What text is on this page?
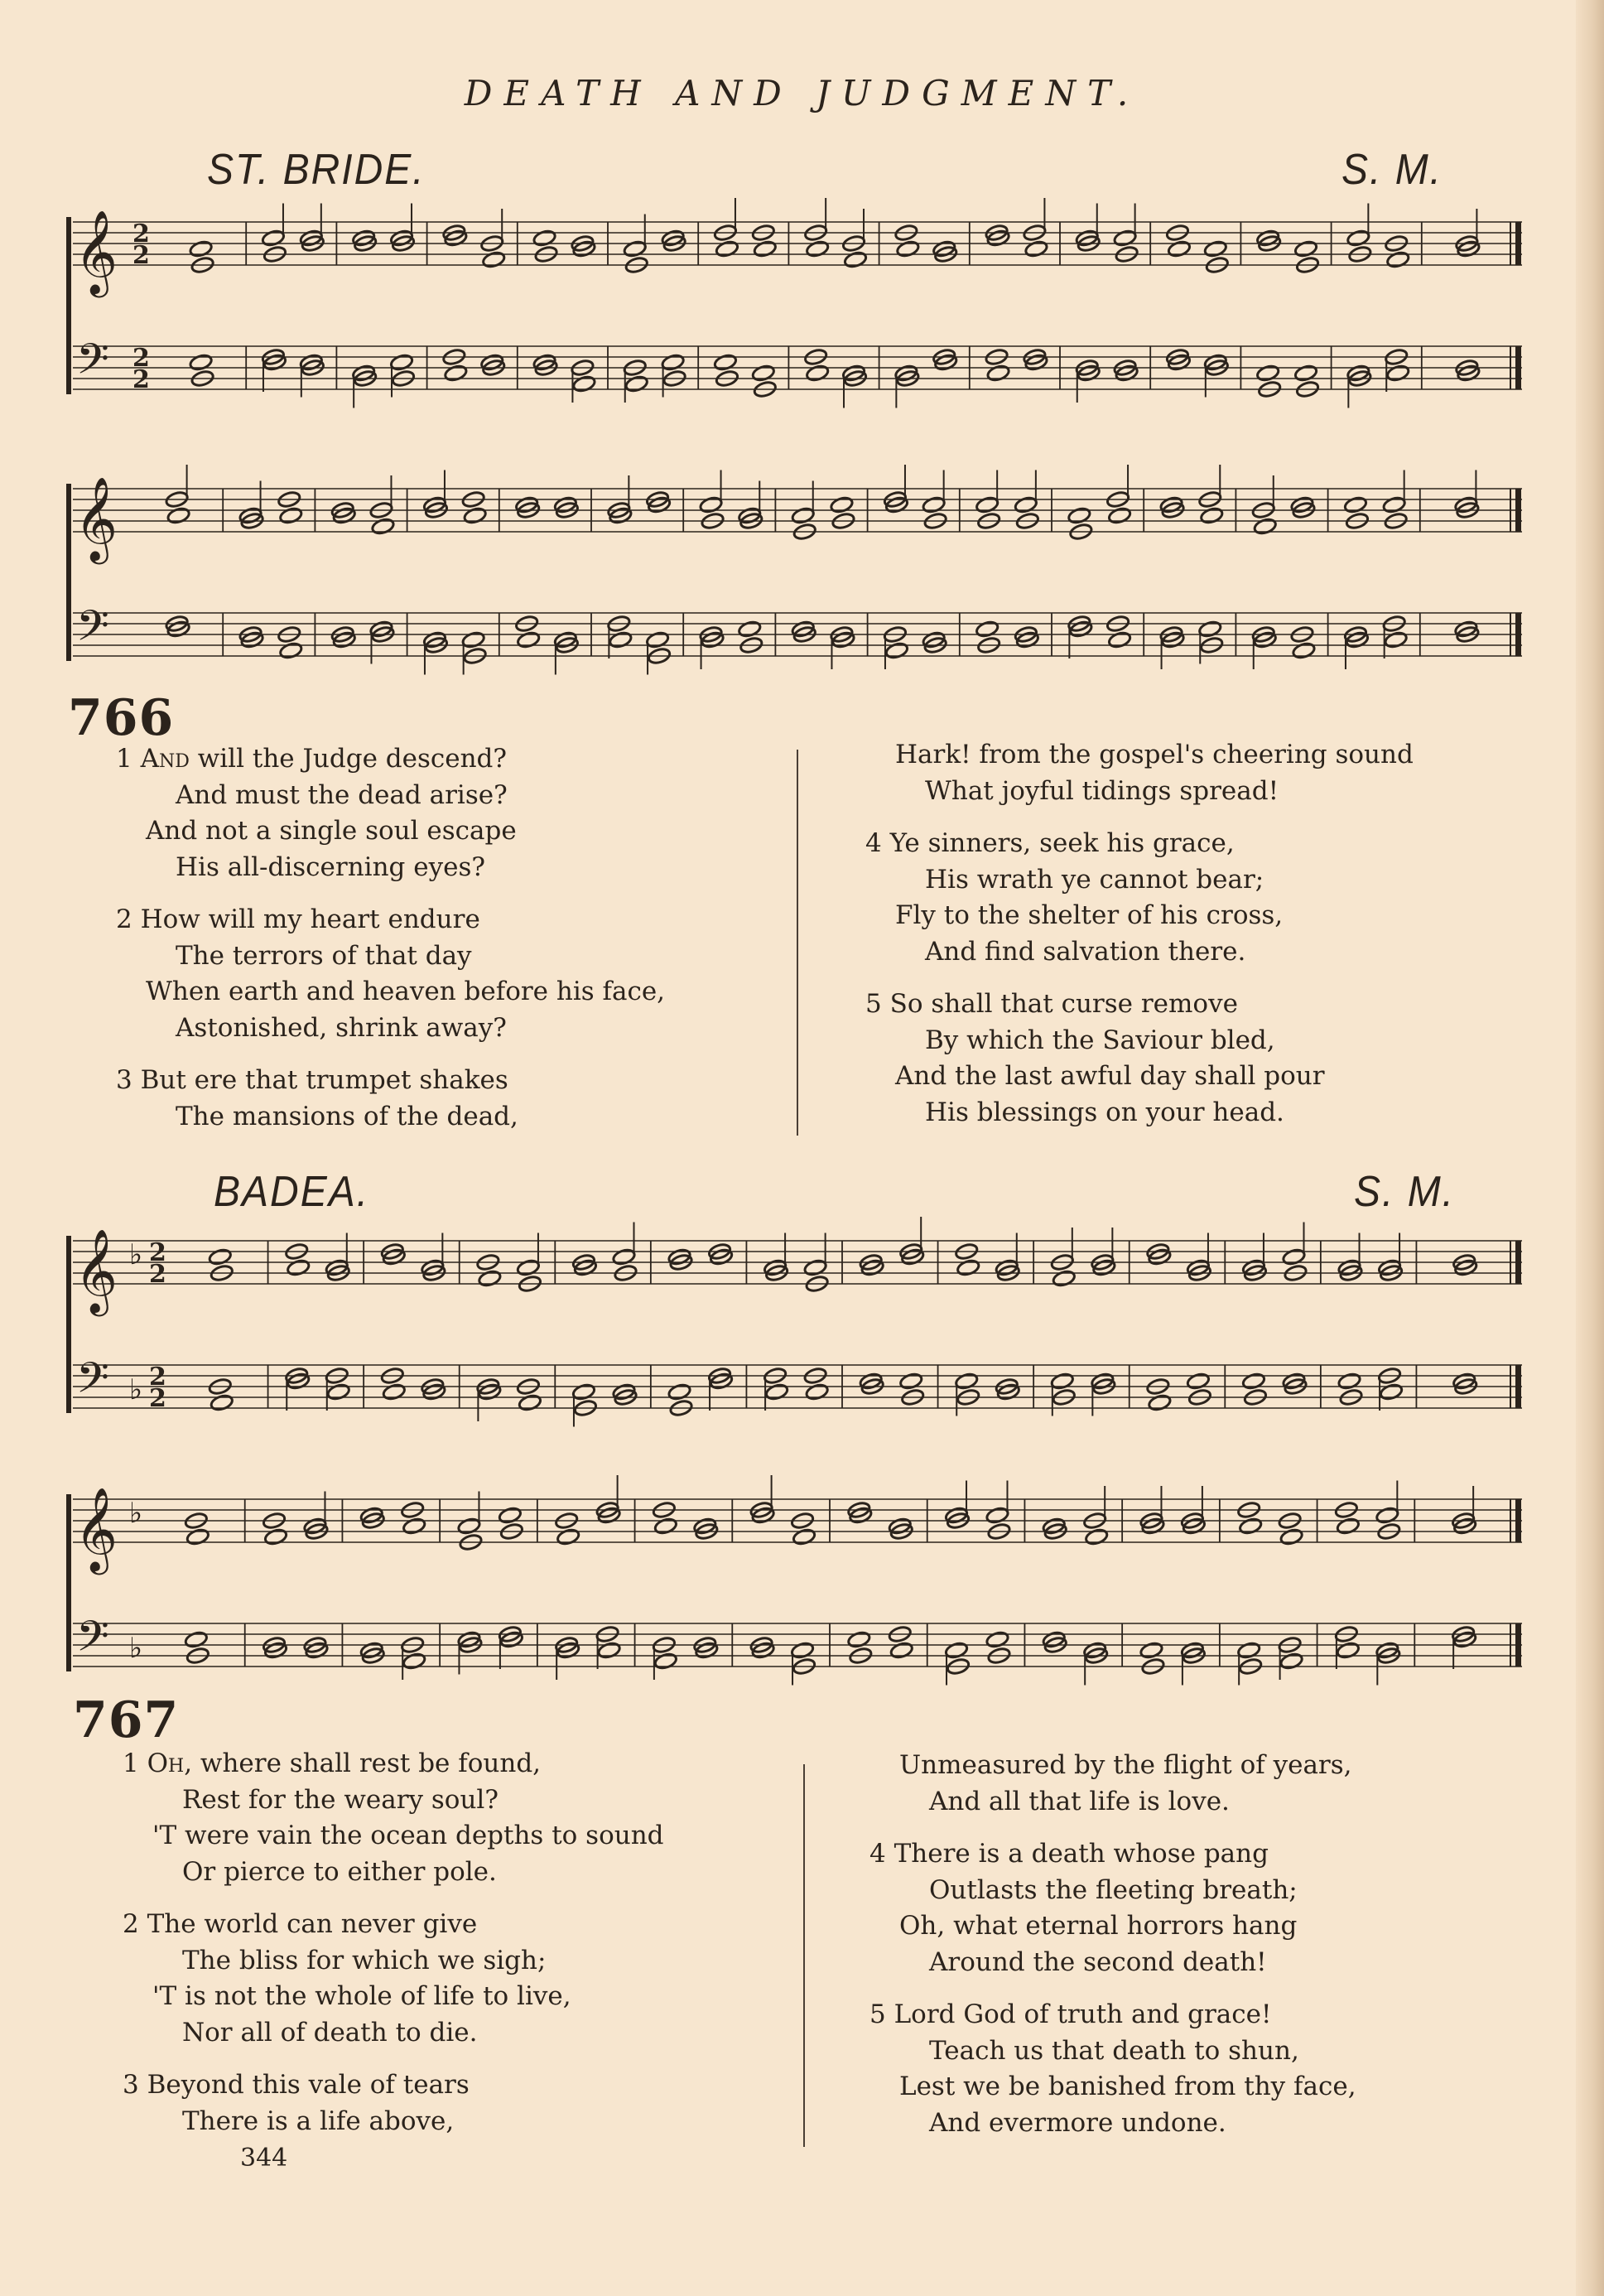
DEATH AND JUDGMENT.
ST. BRIDE.	S. M.
𝄞
𝄢
2
2
2
2
𝄞
𝄢
766
1 And will the Judge descend?
And must the dead arise?
And not a single soul escape
His all-discerning eyes?
2 How will my heart endure
The terrors of that day
When earth and heaven before his face,
Astonished, shrink away?
3 But ere that trumpet shakes
The mansions of the dead,
Hark! from the gospel's cheering sound
What joyful tidings spread!
4 Ye sinners, seek his grace,
His wrath ye cannot bear;
Fly to the shelter of his cross,
And find salvation there.
5 So shall that curse remove
By which the Saviour bled,
And the last awful day shall pour
His blessings on your head.
BADEA.	S. M.
𝄞
𝄢
♭
♭
2
2
2
2
𝄞
𝄢
♭
♭
767
1 Oh, where shall rest be found,
Rest for the weary soul?
'T were vain the ocean depths to sound
Or pierce to either pole.
2 The world can never give
The bliss for which we sigh;
'T is not the whole of life to live,
Nor all of death to die.
3 Beyond this vale of tears
There is a life above,
Unmeasured by the flight of years,
And all that life is love.
4 There is a death whose pang
Outlasts the fleeting breath;
Oh, what eternal horrors hang
Around the second death!
5 Lord God of truth and grace!
Teach us that death to shun,
Lest we be banished from thy face,
And evermore undone.
344
